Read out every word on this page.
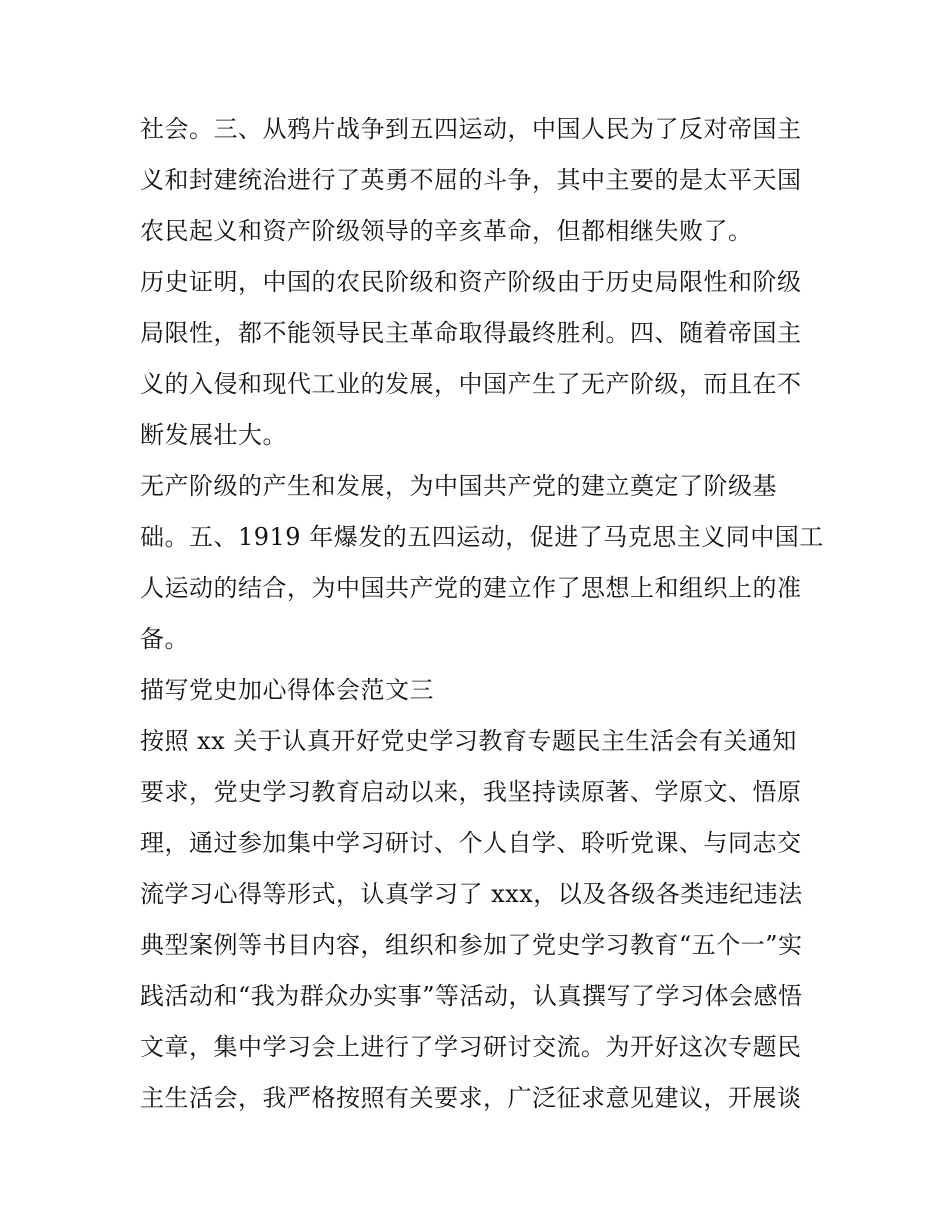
社会。三、从鸦片战争到五四运动，中国人民为了反对帝国主
义和封建统治进行了英勇不屈的斗争，其中主要的是太平天国
农民起义和资产阶级领导的辛亥革命，但都相继失败了。
历史证明，中国的农民阶级和资产阶级由于历史局限性和阶级
局限性，都不能领导民主革命取得最终胜利。四、随着帝国主
义的入侵和现代工业的发展，中国产生了无产阶级，而且在不
断发展壮大。
无产阶级的产生和发展，为中国共产党的建立奠定了阶级基
础。五、1919 年爆发的五四运动，促进了马克思主义同中国工
人运动的结合，为中国共产党的建立作了思想上和组织上的准
备。
描写党史加心得体会范文三
按照 xx 关于认真开好党史学习教育专题民主生活会有关通知
要求，党史学习教育启动以来，我坚持读原著、学原文、悟原
理，通过参加集中学习研讨、个人自学、聆听党课、与同志交
流学习心得等形式，认真学习了 xxx，以及各级各类违纪违法
典型案例等书目内容，组织和参加了党史学习教育“五个一”实
践活动和“我为群众办实事”等活动，认真撰写了学习体会感悟
文章，集中学习会上进行了学习研讨交流。为开好这次专题民
主生活会，我严格按照有关要求，广泛征求意见建议，开展谈
